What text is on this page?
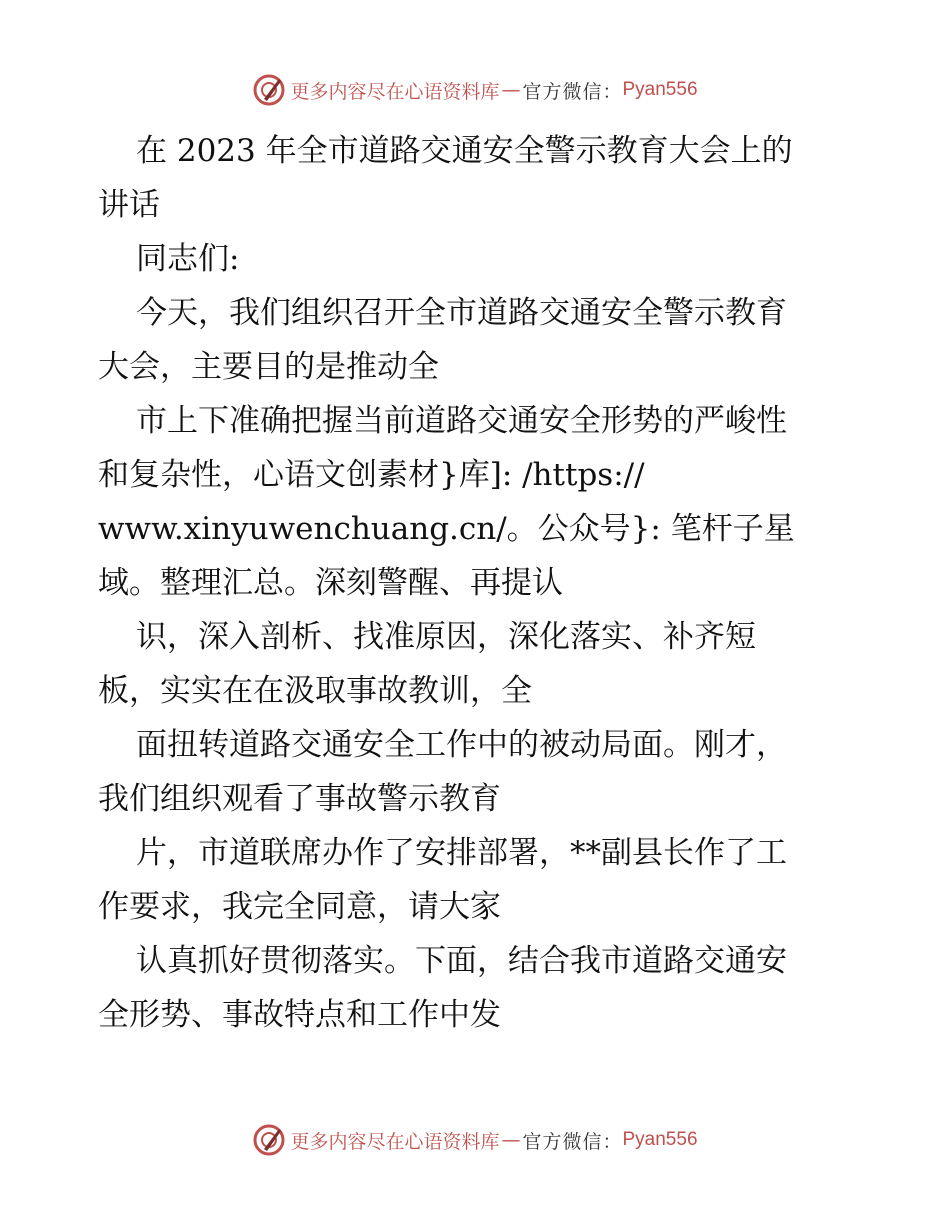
更多内容尽在心语资料库 — 官方微信： Pyan556
在 2023 年全市道路交通安全警示教育大会上的
讲话
同志们:
今天，我们组织召开全市道路交通安全警示教育
大会，主要目的是推动全
市上下准确把握当前道路交通安全形势的严峻性
和复杂性，心语文创素材}库]: /https://
www.xinyuwenchuang.cn/。公众号}: 笔杆子星
域。整理汇总。深刻警醒、再提认
识，深入剖析、找准原因，深化落实、补齐短
板，实实在在汲取事故教训，全
面扭转道路交通安全工作中的被动局面。刚才，
我们组织观看了事故警示教育
片，市道联席办作了安排部署，**副县长作了工
作要求，我完全同意，请大家
认真抓好贯彻落实。下面，结合我市道路交通安
全形势、事故特点和工作中发
更多内容尽在心语资料库 — 官方微信： Pyan556
